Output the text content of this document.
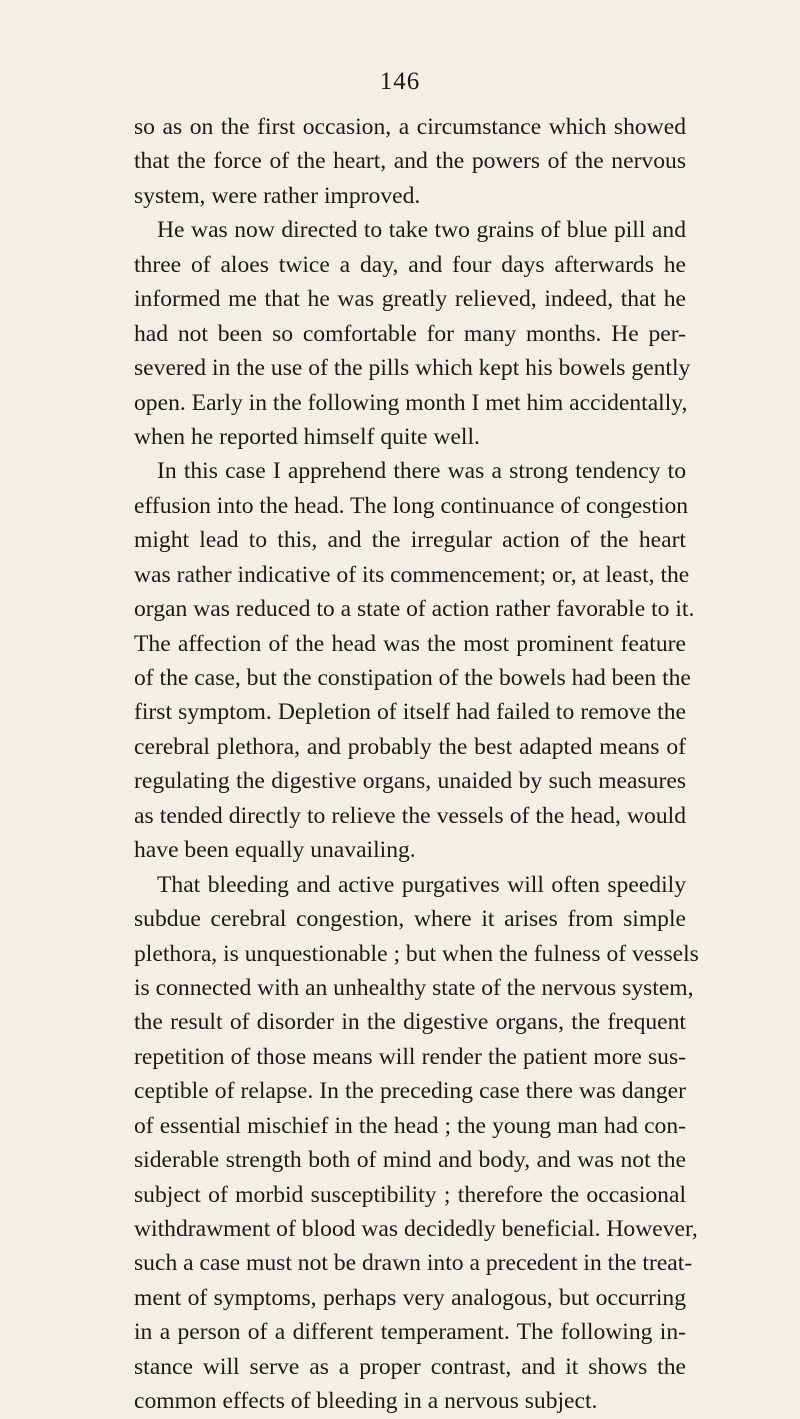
146
so as on the first occasion, a circumstance which showed
that the force of the heart, and the powers of the nervous
system, were rather improved.
He was now directed to take two grains of blue pill and
three of aloes twice a day, and four days afterwards he
informed me that he was greatly relieved, indeed, that he
had not been so comfortable for many months. He per-
severed in the use of the pills which kept his bowels gently
open. Early in the following month I met him accidentally,
when he reported himself quite well.
In this case I apprehend there was a strong tendency to
effusion into the head. The long continuance of congestion
might lead to this, and the irregular action of the heart
was rather indicative of its commencement; or, at least, the
organ was reduced to a state of action rather favorable to it.
The affection of the head was the most prominent feature
of the case, but the constipation of the bowels had been the
first symptom. Depletion of itself had failed to remove the
cerebral plethora, and probably the best adapted means of
regulating the digestive organs, unaided by such measures
as tended directly to relieve the vessels of the head, would
have been equally unavailing.
That bleeding and active purgatives will often speedily
subdue cerebral congestion, where it arises from simple
plethora, is unquestionable ; but when the fulness of vessels
is connected with an unhealthy state of the nervous system,
the result of disorder in the digestive organs, the frequent
repetition of those means will render the patient more sus-
ceptible of relapse. In the preceding case there was danger
of essential mischief in the head ; the young man had con-
siderable strength both of mind and body, and was not the
subject of morbid susceptibility ; therefore the occasional
withdrawment of blood was decidedly beneficial. However,
such a case must not be drawn into a precedent in the treat-
ment of symptoms, perhaps very analogous, but occurring
in a person of a different temperament. The following in-
stance will serve as a proper contrast, and it shows the
common effects of bleeding in a nervous subject.
